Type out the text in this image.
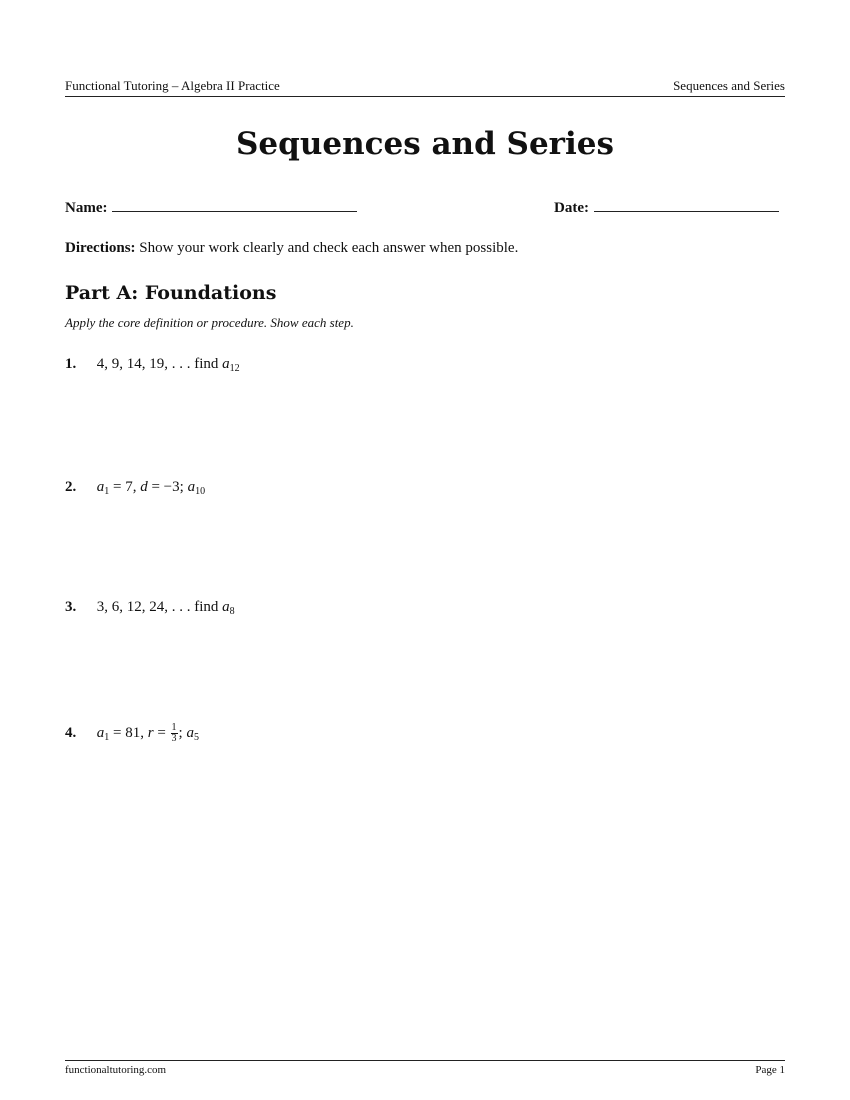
Functional Tutoring – Algebra II Practice	Sequences and Series
Sequences and Series
Name:	Date:
Directions: Show your work clearly and check each answer when possible.
Part A: Foundations
Apply the core definition or procedure. Show each step.
1. 4, 9, 14, 19, . . . find $a_{12}$
2. $a_1 = 7$, d = −3; $a_{10}$
3. 3, 6, 12, 24, . . . find $a_8$
4. $a_1 = 81$, $r = \frac{1}{3}$ ; $a_5$
functionaltutoring.com	Page 1
